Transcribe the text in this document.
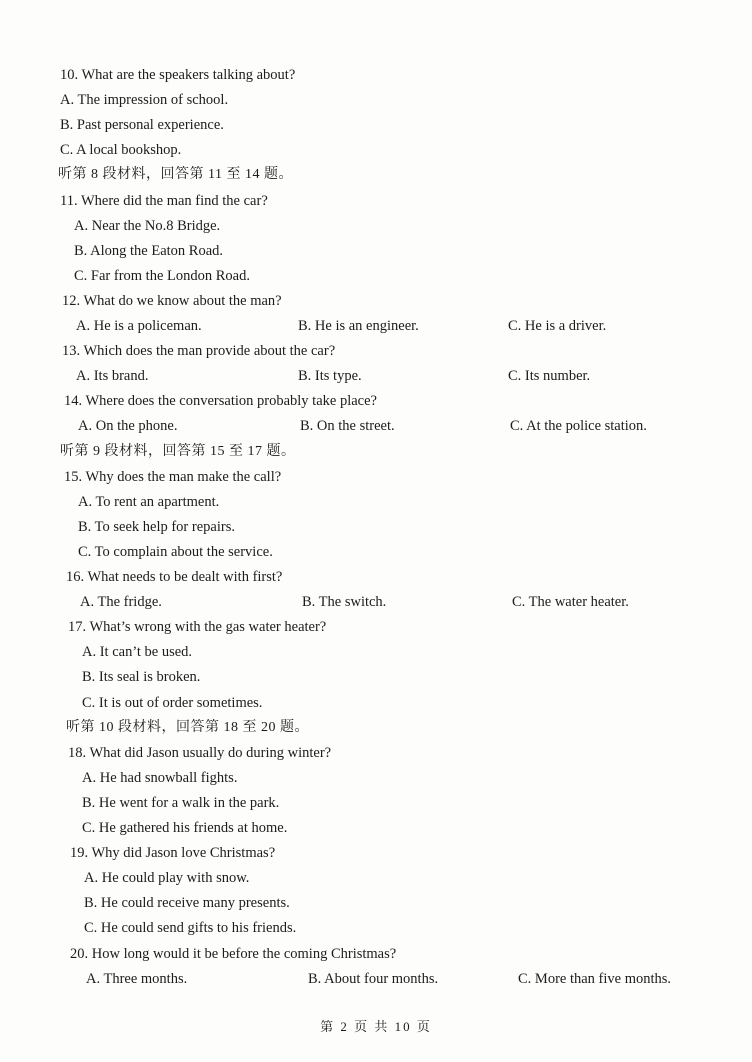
10. What are the speakers talking about?
A. The impression of school.
B. Past personal experience.
C. A local bookshop.
听第 8 段材料，回答第 11 至 14 题。
11. Where did the man find the car?
A. Near the No.8 Bridge.
B. Along the Eaton Road.
C. Far from the London Road.
12. What do we know about the man?
A. He is a policeman.	B. He is an engineer.	C. He is a driver.
13. Which does the man provide about the car?
A. Its brand.	B. Its type.	C. Its number.
14. Where does the conversation probably take place?
A. On the phone.	B. On the street.	C. At the police station.
听第 9 段材料，回答第 15 至 17 题。
15. Why does the man make the call?
A. To rent an apartment.
B. To seek help for repairs.
C. To complain about the service.
16. What needs to be dealt with first?
A. The fridge.	B. The switch.	C. The water heater.
17. What’s wrong with the gas water heater?
A. It can’t be used.
B. Its seal is broken.
C. It is out of order sometimes.
听第 10 段材料，回答第 18 至 20 题。
18. What did Jason usually do during winter?
A. He had snowball fights.
B. He went for a walk in the park.
C. He gathered his friends at home.
19. Why did Jason love Christmas?
A. He could play with snow.
B. He could receive many presents.
C. He could send gifts to his friends.
20. How long would it be before the coming Christmas?
A. Three months.	B. About four months.	C. More than five months.
第 2 页 共 10 页
